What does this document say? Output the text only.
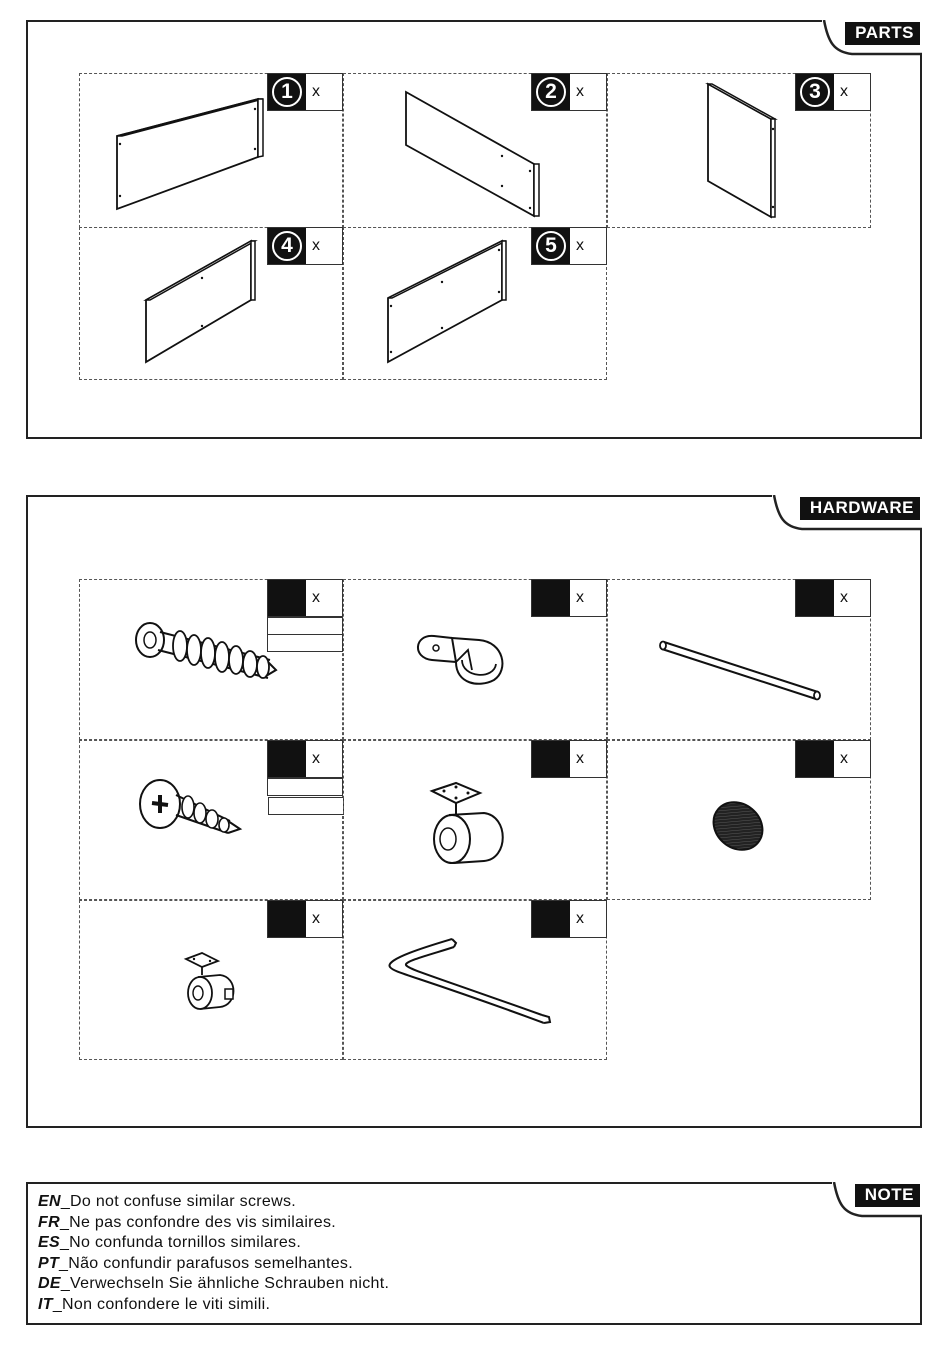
PARTS
1	x	2	x	3	x
4	x	5	x
HARDWARE
x	x	x
x	x	x
x	x
NOTE
EN_Do not confuse similar screws.
FR_Ne pas confondre des vis similaires.
ES_No confunda tornillos similares.
PT_Não confundir parafusos semelhantes.
DE_Verwechseln Sie ähnliche Schrauben nicht.
IT_Non confondere le viti simili.
